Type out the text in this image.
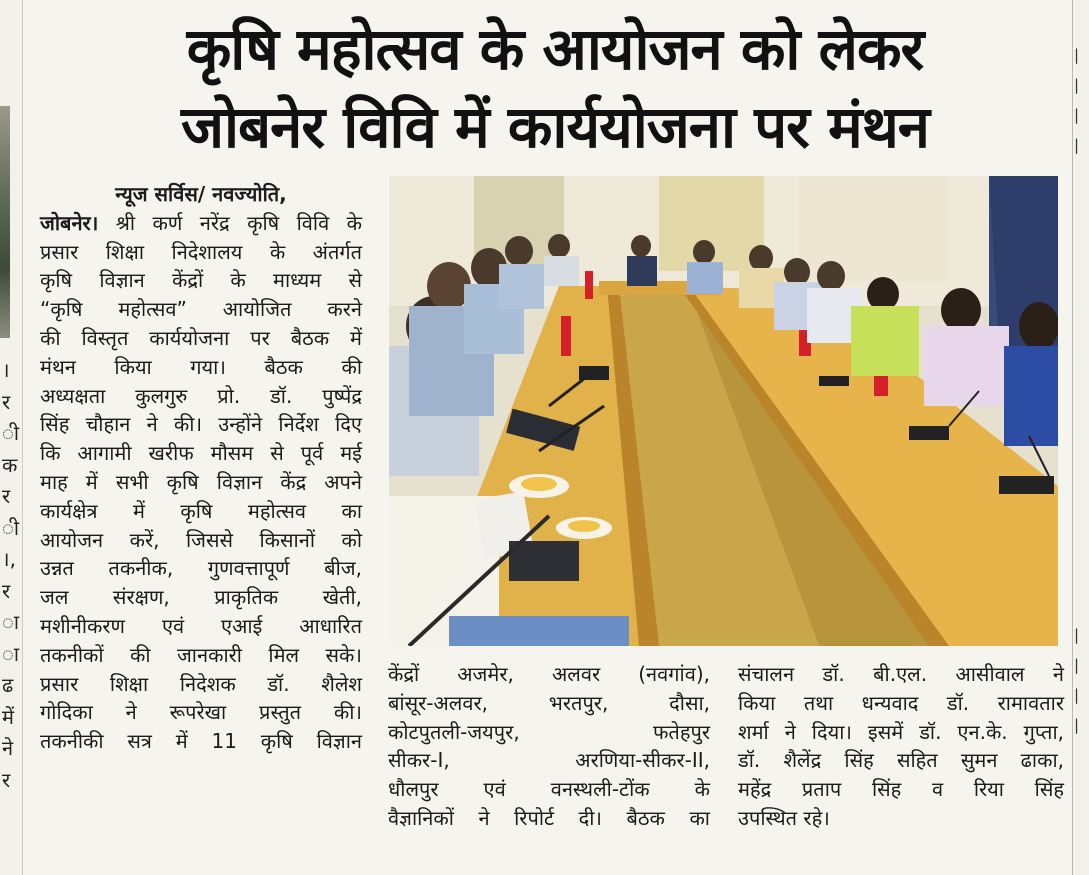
।
र
ी
क
र
ी
।,
र
ा
ा
ढ
में
ने
र
|
|
|
|
|
|
|
|
कृषि महोत्सव के आयोजन को लेकर
जोबनेर विवि में कार्ययोजना पर मंथन
न्यूज सर्विस/ नवज्योति,
जोबनेर। श्री कर्ण नरेंद्र कृषि विवि के
प्रसार शिक्षा निदेशालय के अंतर्गत
कृषि विज्ञान केंद्रों के माध्यम से
“कृषि महोत्सव” आयोजित करने
की विस्तृत कार्ययोजना पर बैठक में
मंथन किया गया। बैठक की
अध्यक्षता कुलगुरु प्रो. डॉ. पुष्पेंद्र
सिंह चौहान ने की। उन्होंने निर्देश दिए
कि आगामी खरीफ मौसम से पूर्व मई
माह में सभी कृषि विज्ञान केंद्र अपने
कार्यक्षेत्र में कृषि महोत्सव का
आयोजन करें, जिससे किसानों को
उन्नत तकनीक, गुणवत्तापूर्ण बीज,
जल संरक्षण, प्राकृतिक खेती,
मशीनीकरण एवं एआई आधारित
तकनीकों की जानकारी मिल सके।
प्रसार शिक्षा निदेशक डॉ. शैलेश
गोदिका ने रूपरेखा प्रस्तुत की।
तकनीकी सत्र में 11 कृषि विज्ञान
केंद्रों अजमेर, अलवर (नवगांव),
बांसूर-अलवर, भरतपुर, दौसा,
कोटपुतली-जयपुर, फतेहपुर
सीकर-I, अरणिया-सीकर-II,
धौलपुर एवं वनस्थली-टोंक के
वैज्ञानिकों ने रिपोर्ट दी। बैठक का
संचालन डॉ. बी.एल. आसीवाल ने
किया तथा धन्यवाद डॉ. रामावतार
शर्मा ने दिया। इसमें डॉ. एन.के. गुप्ता,
डॉ. शैलेंद्र सिंह सहित सुमन ढाका,
महेंद्र प्रताप सिंह व रिया सिंह
उपस्थित रहे।
